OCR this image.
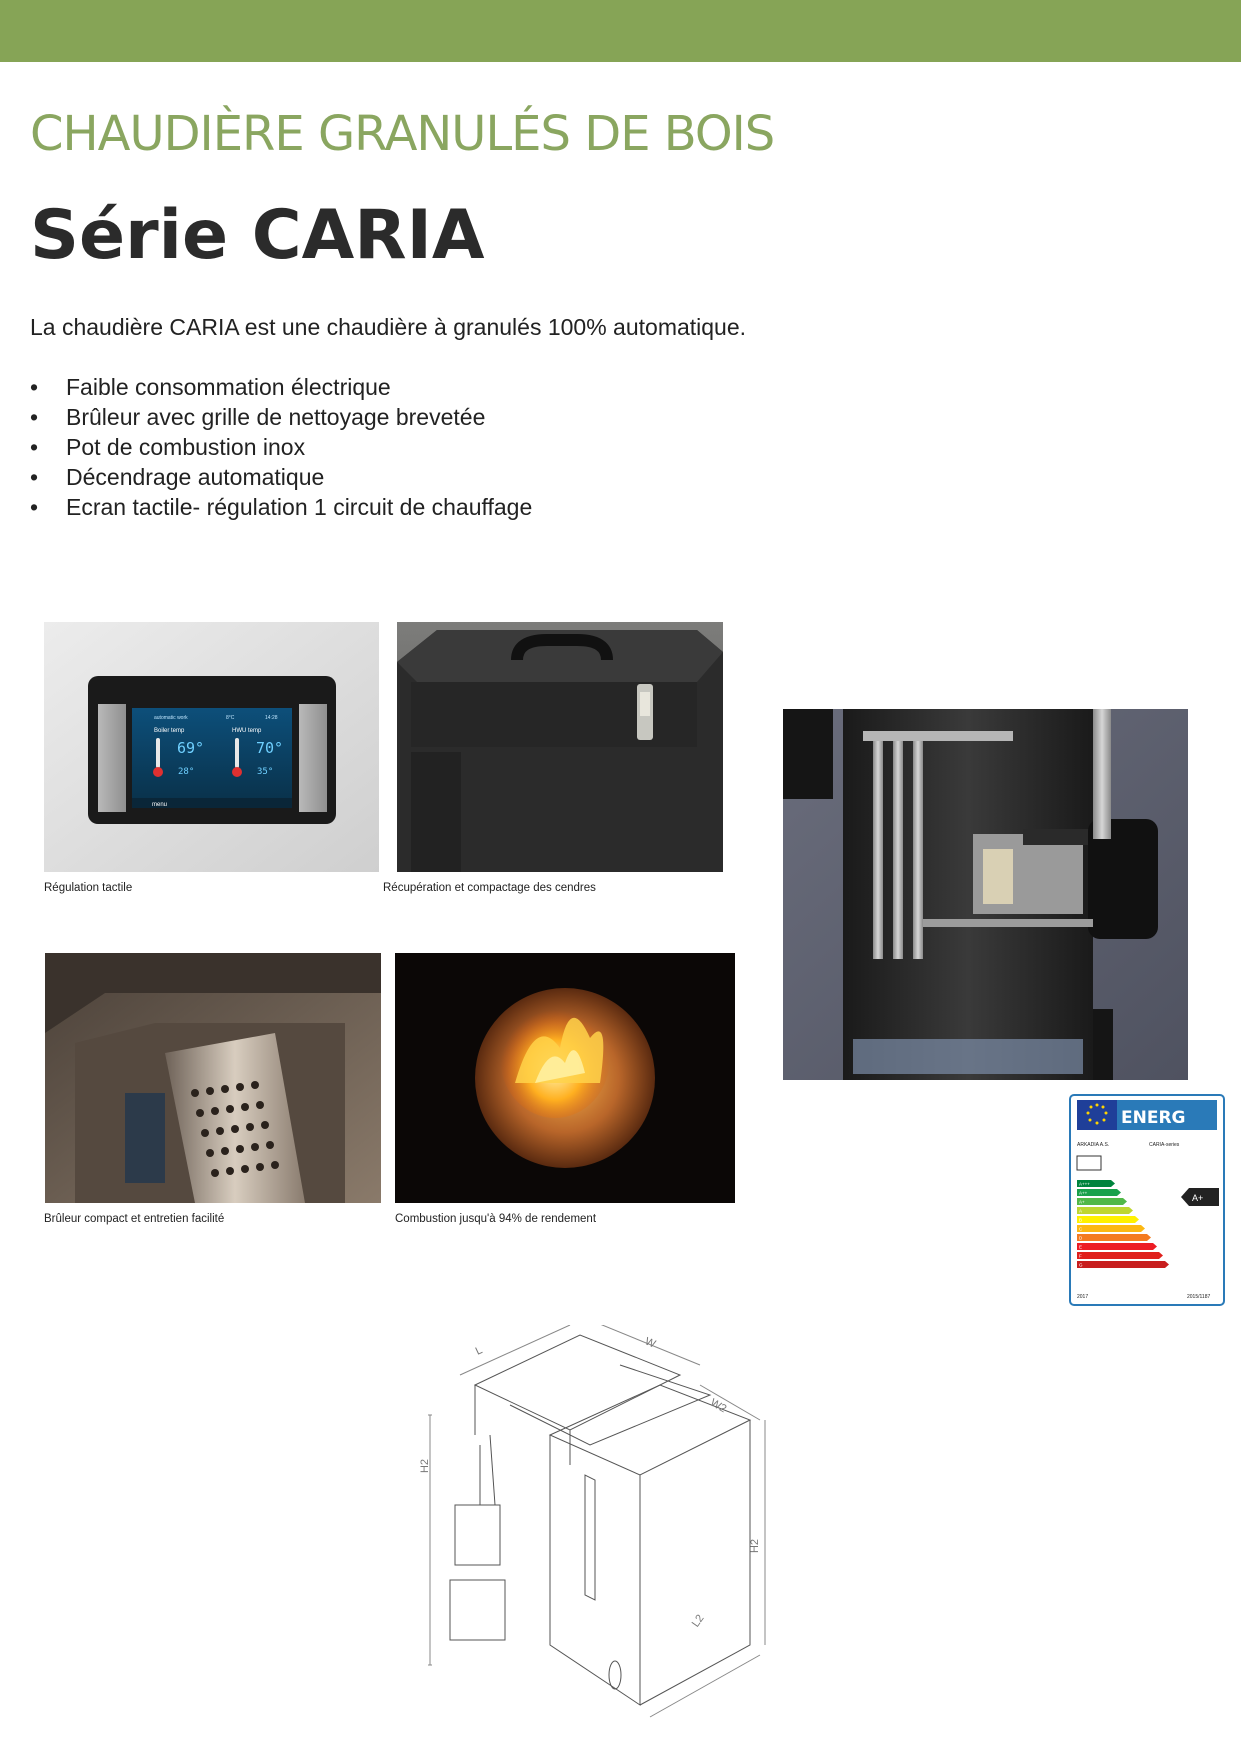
CHAUDIÈRE GRANULÉS DE BOIS
Série CARIA
La chaudière CARIA est une chaudière à granulés 100% automatique.
• Faible consommation électrique
• Brûleur avec grille de nettoyage brevetée
• Pot de combustion inox
• Décendrage automatique
• Ecran tactile- régulation 1 circuit de chauffage
automatic work	8°C	14:28
Boiler temp	HWU temp
69°
28°
70°
35°
menu
Régulation tactile	Récupération et compactage des cendres
Brûleur compact et entretien facilité	Combustion jusqu'à 94% de rendement
ENERG
ARKADIA A.S.	CARIA-series
A+++
A++
A+
A
B
C
D
E
F
G
A+
2017	2015/1187
L
W
W2
H2
H2
L2
